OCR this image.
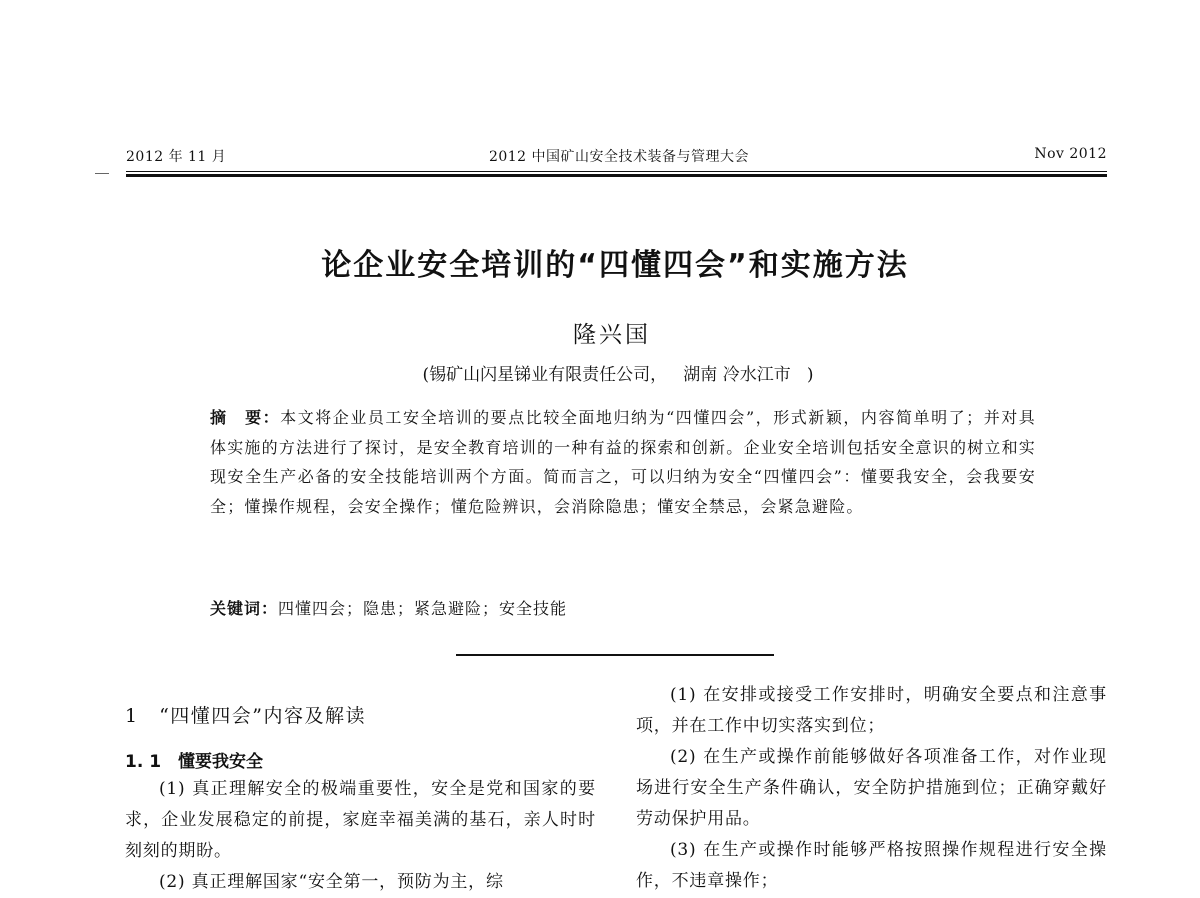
2012 年 11 月	2012 中国矿山安全技术装备与管理大会	Nov 2012
论企业安全培训的“四懂四会”和实施方法
隆兴国
(锡矿山闪星锑业有限责任公司，   湖南 冷水江市   )
摘　要：本文将企业员工安全培训的要点比较全面地归纳为“四懂四会”，形式新颖，内容简单明了；并对具体实施的方法进行了探讨，是安全教育培训的一种有益的探索和创新。企业安全培训包括安全意识的树立和实现安全生产必备的安全技能培训两个方面。简而言之，可以归纳为安全“四懂四会”：懂要我安全，会我要安全；懂操作规程，会安全操作；懂危险辨识，会消除隐患；懂安全禁忌，会紧急避险。
关键词：四懂四会；隐患；紧急避险；安全技能
1　“四懂四会”内容及解读
1. 1　懂要我安全

(1) 真正理解安全的极端重要性，安全是党和国家的要求，企业发展稳定的前提，家庭幸福美满的基石，亲人时时刻刻的期盼。

(2) 真正理解国家“安全第一，预防为主，综

(1) 在安排或接受工作安排时，明确安全要点和注意事项，并在工作中切实落实到位；

(2) 在生产或操作前能够做好各项准备工作，对作业现场进行安全生产条件确认，安全防护措施到位；正确穿戴好劳动保护用品。

(3) 在生产或操作时能够严格按照操作规程进行安全操作，不违章操作；
